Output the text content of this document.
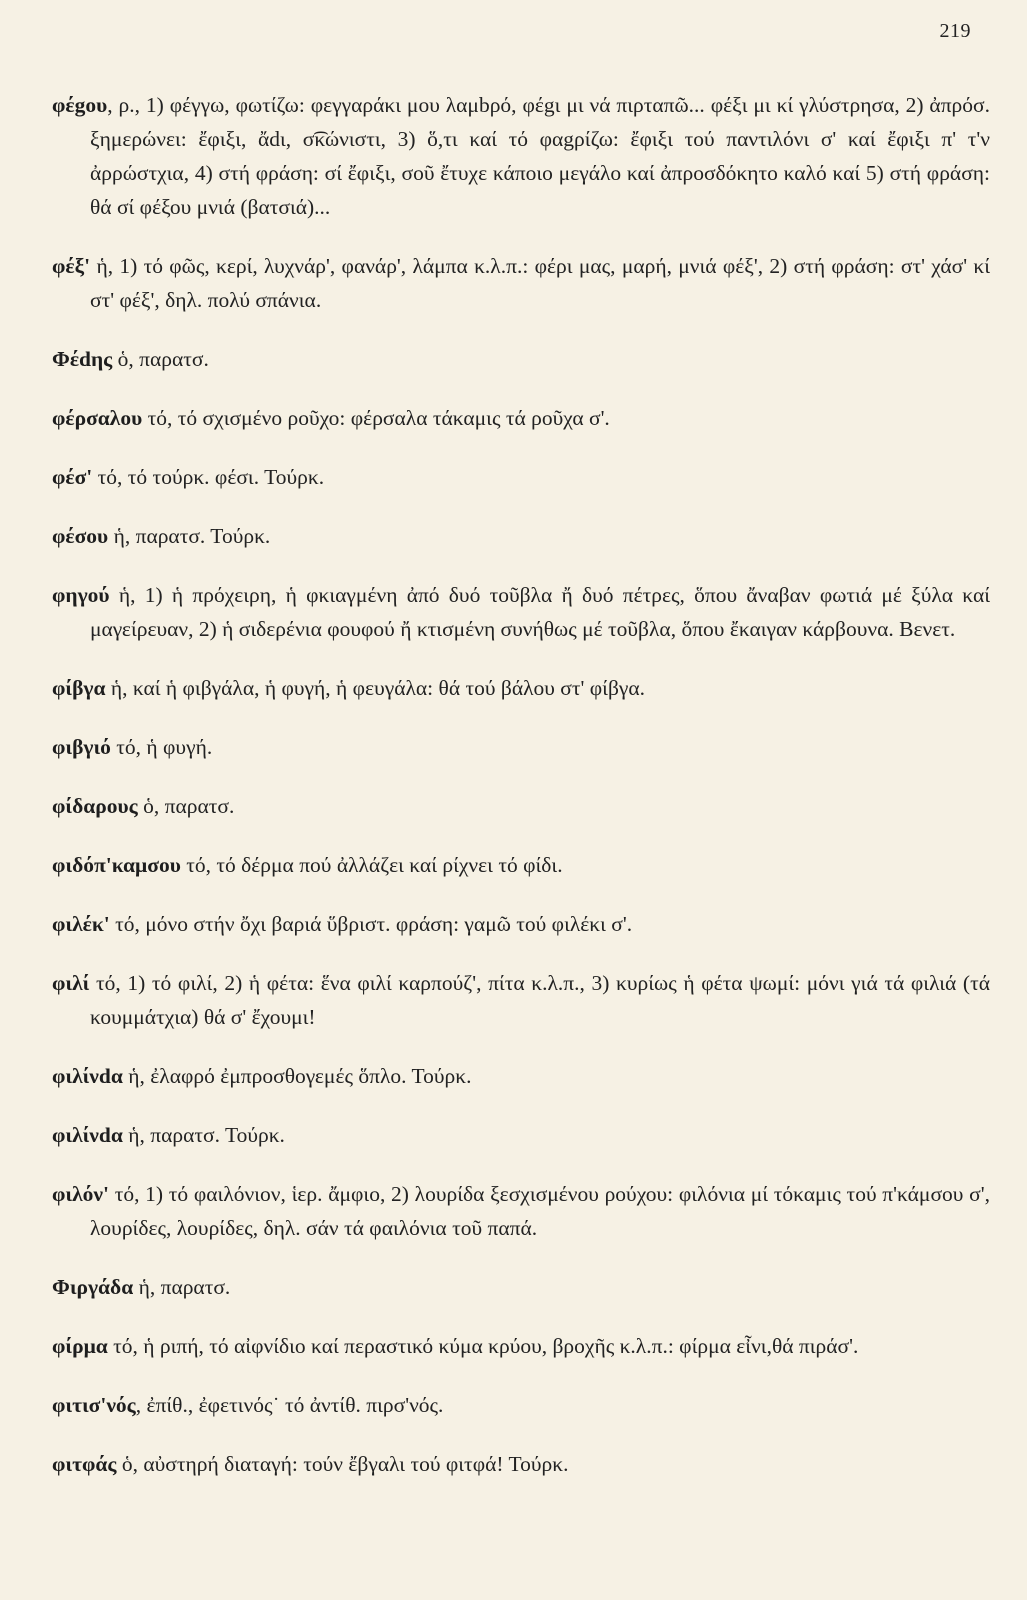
219

φέgου, ρ., 1) φέγγω, φωτίζω: φεγγαράκι μου λαμbρό, φέgι μι νά πιρταπῶ... φέξι μι κί γλύστρησα, 2) ἀπρόσ. ξημερώνει: ἔφιξι, ἄdι, σ͡κώνιστι, 3) ὅ,τι καί τό φαgρίζω: ἔφιξι τού παντιλόνι σ' καί ἔφιξι π' τ'ν ἀρρώστχια, 4) στή φράση: σί ἔφιξι, σοῦ ἔτυχε κάποιο μεγάλο καί ἀπροσδόκητο καλό καί 5) στή φράση: θά σί φέξου μνιά (βατσιά)...

φέξ' ἡ, 1) τό φῶς, κερί, λυχνάρ', φανάρ', λάμπα κ.λ.π.: φέρι μας, μαρή, μνιά φέξ', 2) στή φράση: στ' χάσ' κί στ' φέξ', δηλ. πολύ σπάνια.

Φέdης ὁ, παρατσ.

φέρσαλου τό, τό σχισμένο ροῦχο: φέρσαλα τάκαμις τά ροῦχα σ'.

φέσ' τό, τό τούρκ. φέσι. Τούρκ.

φέσου ἡ, παρατσ. Τούρκ.

φηγού ἡ, 1) ἡ πρόχειρη, ἡ φκιαγμένη ἀπό δυό τοῦβλα ἤ δυό πέτρες, ὅπου ἄναβαν φωτιά μέ ξύλα καί μαγείρευαν, 2) ἡ σιδερένια φουφού ἤ κτισμένη συνήθως μέ τοῦβλα, ὅπου ἔκαιγαν κάρβουνα. Βενετ.

φίβγα ἡ, καί ἡ φιβγάλα, ἡ φυγή, ἡ φευγάλα: θά τού βάλου στ' φίβγα.

φιβγιό τό, ἡ φυγή.

φίδαρους ὁ, παρατσ.

φιδόπ'καμσου τό, τό δέρμα πού ἀλλάζει καί ρίχνει τό φίδι.

φιλέκ' τό, μόνο στήν ὄχι βαριά ὕβριστ. φράση: γαμῶ τού φιλέκι σ'.

φιλί τό, 1) τό φιλί, 2) ἡ φέτα: ἕνα φιλί καρπούζ', πίτα κ.λ.π., 3) κυρίως ἡ φέτα ψωμί: μόνι γιά τά φιλιά (τά κουμμάτχια) θά σ' ἔχουμι!

φιλίνdα ἡ, ἐλαφρό ἐμπροσθογεμές ὅπλο. Τούρκ.

φιλίνdα ἡ, παρατσ. Τούρκ.

φιλόν' τό, 1) τό φαιλόνιον, ἱερ. ἄμφιο, 2) λουρίδα ξεσχισμένου ρούχου: φιλόνια μί τόκαμις τού π'κάμσου σ', λουρίδες, λουρίδες, δηλ. σάν τά φαιλόνια τοῦ παπά.

Φιργάδα ἡ, παρατσ.

φίρμα τό, ἡ ριπή, τό αἰφνίδιο καί περαστικό κύμα κρύου, βροχῆς κ.λ.π.: φίρμα εἶνι,θά πιράσ'.

φιτισ'νός, ἐπίθ., ἐφετινός˙ τό ἀντίθ. πιρσ'νός.

φιτφάς ὁ, αὐστηρή διαταγή: τούν ἔβγαλι τού φιτφά! Τούρκ.
